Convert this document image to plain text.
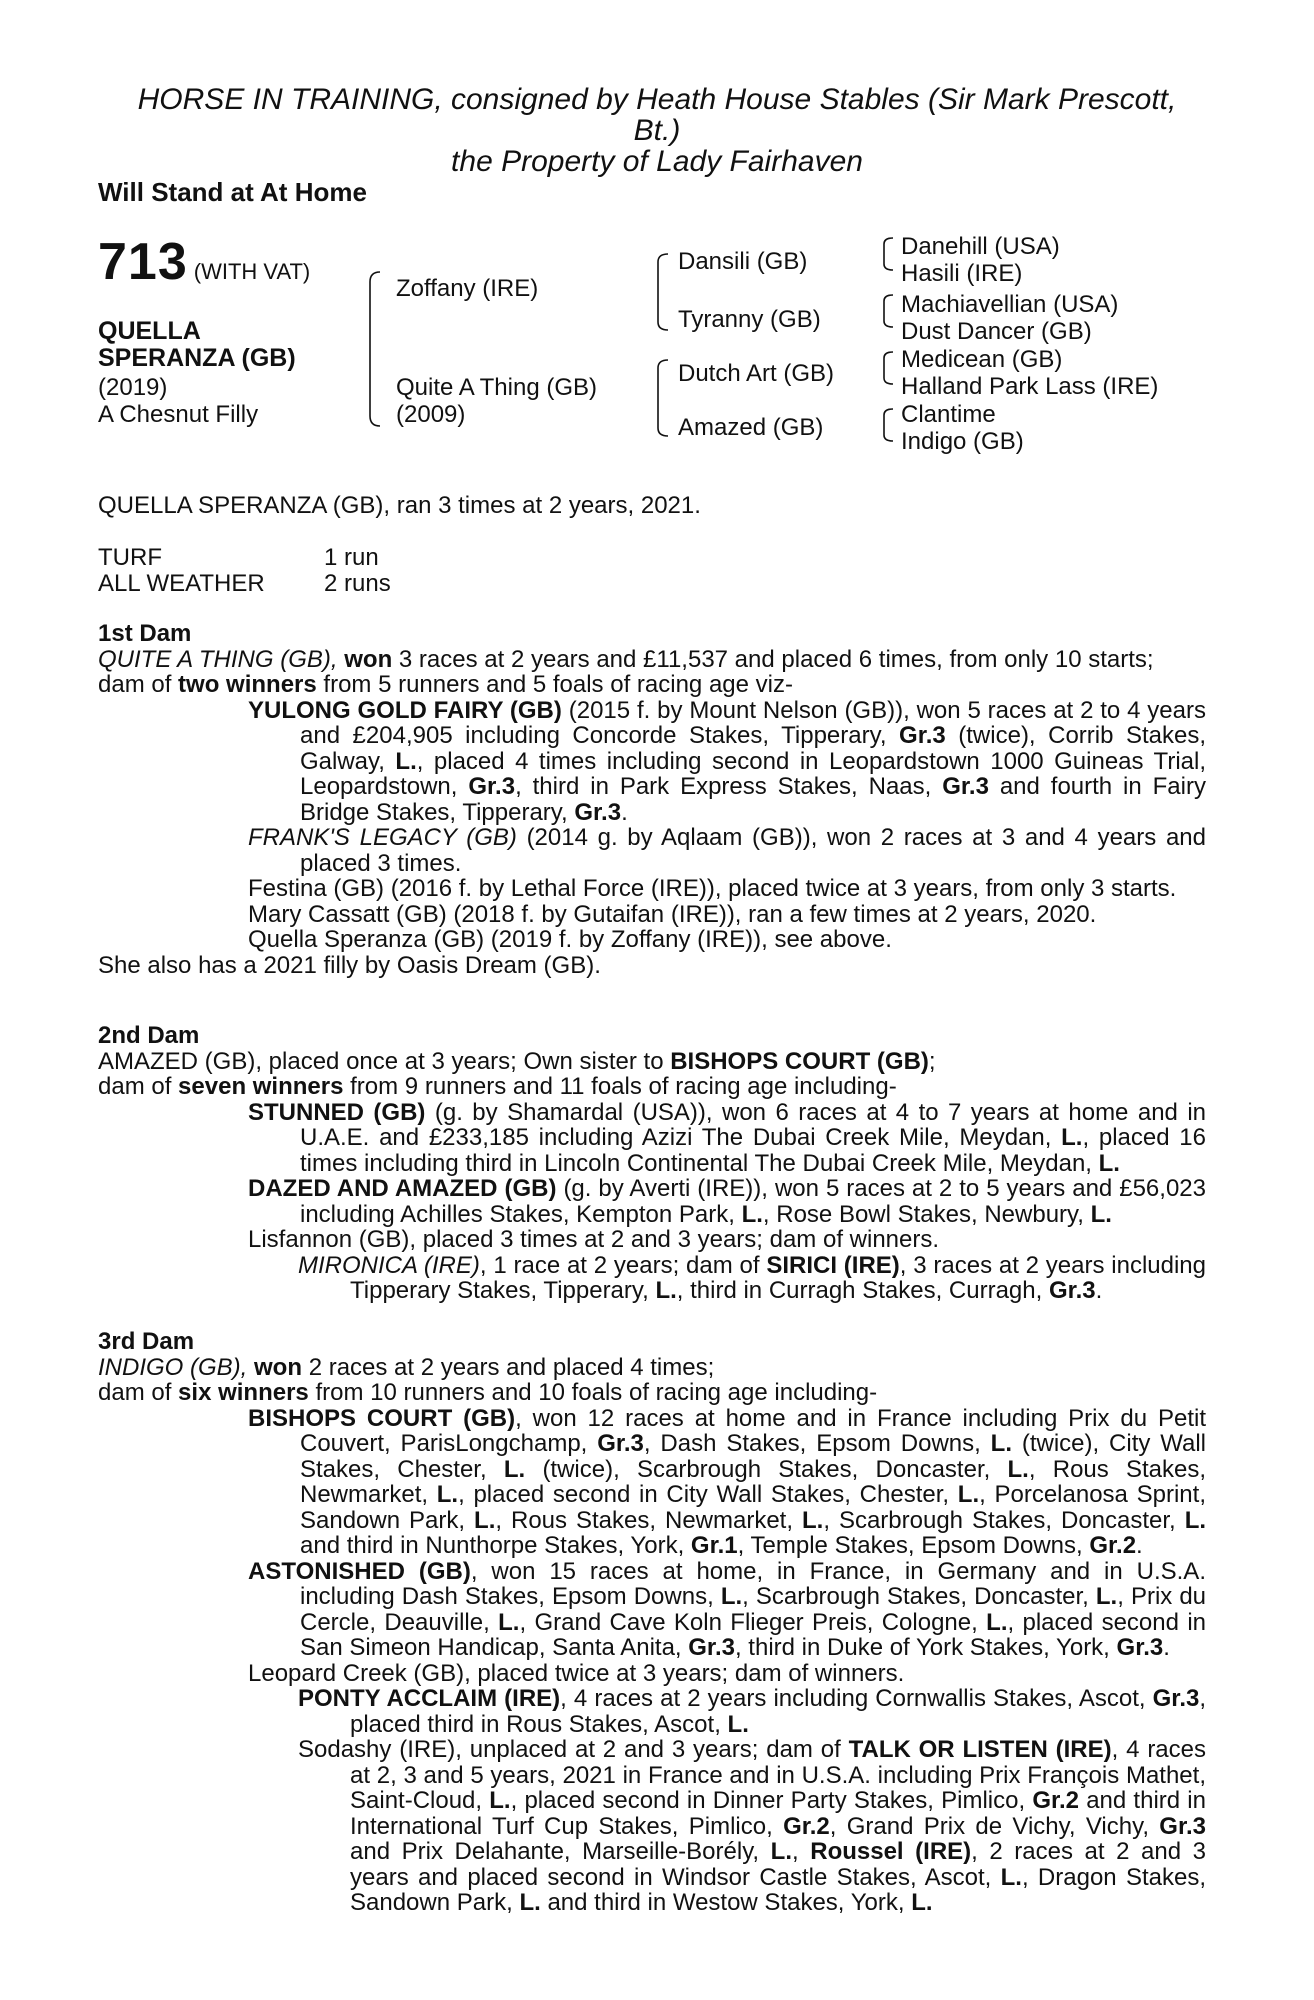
HORSE IN TRAINING, consigned by Heath House Stables (Sir Mark Prescott,
Bt.)
the Property of Lady Fairhaven
Will Stand at At Home
713 (WITH VAT)
QUELLA
SPERANZA (GB)
(2019)
A Chesnut Filly
Zoffany (IRE)
Quite A Thing (GB)
(2009)
Dansili (GB)
Tyranny (GB)
Dutch Art (GB)
Amazed (GB)
Danehill (USA)
Hasili (IRE)
Machiavellian (USA)
Dust Dancer (GB)
Medicean (GB)
Halland Park Lass (IRE)
Clantime
Indigo (GB)
QUELLA SPERANZA (GB), ran 3 times at 2 years, 2021.
TURF	1 run
ALL WEATHER 2 runs
1st Dam
QUITE A THING (GB), won 3 races at 2 years and £11,537 and placed 6 times, from only 10 starts;
dam of two winners from 5 runners and 5 foals of racing age viz-
YULONG GOLD FAIRY (GB) (2015 f. by Mount Nelson (GB)), won 5 races at 2 to 4 years and £204,905 including Concorde Stakes, Tipperary, Gr.3 (twice), Corrib Stakes, Galway, L., placed 4 times including second in Leopardstown 1000 Guineas Trial, Leopardstown, Gr.3, third in Park Express Stakes, Naas, Gr.3 and fourth in Fairy Bridge Stakes, Tipperary, Gr.3.
FRANK'S LEGACY (GB) (2014 g. by Aqlaam (GB)), won 2 races at 3 and 4 years and placed 3 times.
Festina (GB) (2016 f. by Lethal Force (IRE)), placed twice at 3 years, from only 3 starts.
Mary Cassatt (GB) (2018 f. by Gutaifan (IRE)), ran a few times at 2 years, 2020.
Quella Speranza (GB) (2019 f. by Zoffany (IRE)), see above.
She also has a 2021 filly by Oasis Dream (GB).
2nd Dam
AMAZED (GB), placed once at 3 years; Own sister to BISHOPS COURT (GB);
dam of seven winners from 9 runners and 11 foals of racing age including-
STUNNED (GB) (g. by Shamardal (USA)), won 6 races at 4 to 7 years at home and in U.A.E. and £233,185 including Azizi The Dubai Creek Mile, Meydan, L., placed 16 times including third in Lincoln Continental The Dubai Creek Mile, Meydan, L.
DAZED AND AMAZED (GB) (g. by Averti (IRE)), won 5 races at 2 to 5 years and £56,023 including Achilles Stakes, Kempton Park, L., Rose Bowl Stakes, Newbury, L.
Lisfannon (GB), placed 3 times at 2 and 3 years; dam of winners.
MIRONICA (IRE), 1 race at 2 years; dam of SIRICI (IRE), 3 races at 2 years including Tipperary Stakes, Tipperary, L., third in Curragh Stakes, Curragh, Gr.3.
3rd Dam
INDIGO (GB), won 2 races at 2 years and placed 4 times;
dam of six winners from 10 runners and 10 foals of racing age including-
BISHOPS COURT (GB), won 12 races at home and in France including Prix du Petit Couvert, ParisLongchamp, Gr.3, Dash Stakes, Epsom Downs, L. (twice), City Wall Stakes, Chester, L. (twice), Scarbrough Stakes, Doncaster, L., Rous Stakes, Newmarket, L., placed second in City Wall Stakes, Chester, L., Porcelanosa Sprint, Sandown Park, L., Rous Stakes, Newmarket, L., Scarbrough Stakes, Doncaster, L. and third in Nunthorpe Stakes, York, Gr.1, Temple Stakes, Epsom Downs, Gr.2.
ASTONISHED (GB), won 15 races at home, in France, in Germany and in U.S.A. including Dash Stakes, Epsom Downs, L., Scarbrough Stakes, Doncaster, L., Prix du Cercle, Deauville, L., Grand Cave Koln Flieger Preis, Cologne, L., placed second in San Simeon Handicap, Santa Anita, Gr.3, third in Duke of York Stakes, York, Gr.3.
Leopard Creek (GB), placed twice at 3 years; dam of winners.
PONTY ACCLAIM (IRE), 4 races at 2 years including Cornwallis Stakes, Ascot, Gr.3, placed third in Rous Stakes, Ascot, L.
Sodashy (IRE), unplaced at 2 and 3 years; dam of TALK OR LISTEN (IRE), 4 races at 2, 3 and 5 years, 2021 in France and in U.S.A. including Prix François Mathet, Saint-Cloud, L., placed second in Dinner Party Stakes, Pimlico, Gr.2 and third in International Turf Cup Stakes, Pimlico, Gr.2, Grand Prix de Vichy, Vichy, Gr.3 and Prix Delahante, Marseille-Borély, L., Roussel (IRE), 2 races at 2 and 3 years and placed second in Windsor Castle Stakes, Ascot, L., Dragon Stakes, Sandown Park, L. and third in Westow Stakes, York, L.
